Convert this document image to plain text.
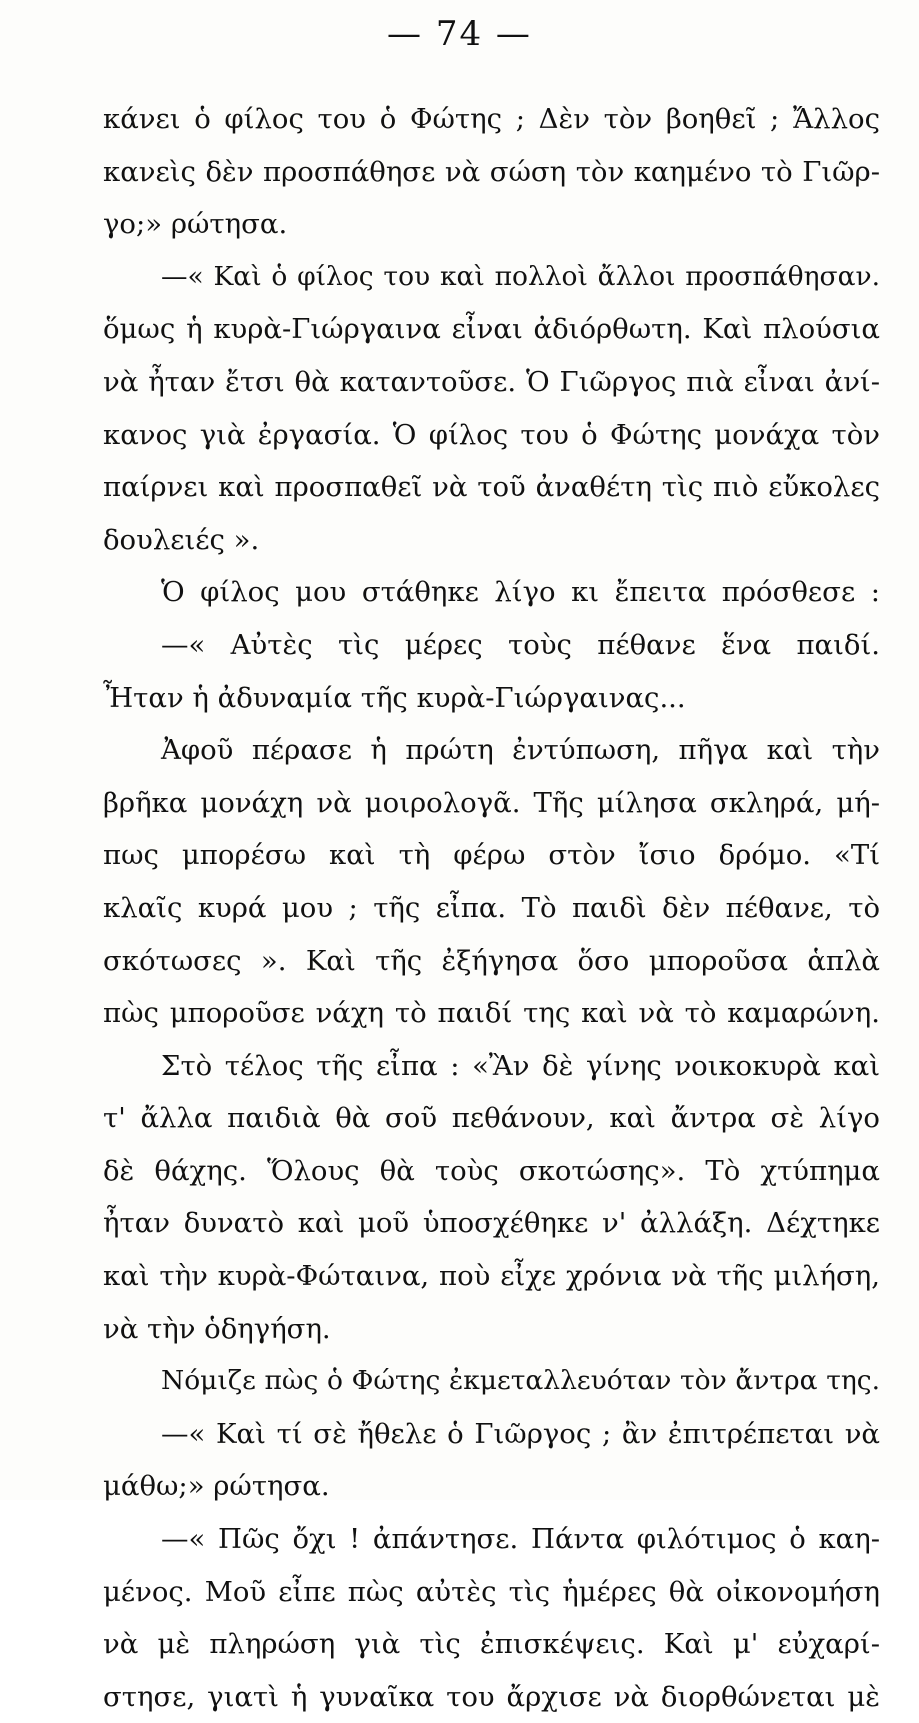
— 74 —
κάνει ὁ φίλος του ὁ Φώτης ; Δὲν τὸν βοηθεῖ ; Ἄλλος
κανεὶς δὲν προσπάθησε νὰ σώση τὸν καημένο τὸ Γιῶρ-
γο;» ρώτησα.
—« Καὶ ὁ φίλος του καὶ πολλοὶ ἄλλοι προσπάθησαν.
ὅμως ἡ κυρὰ-Γιώργαινα εἶναι ἀδιόρθωτη. Καὶ πλούσια
νὰ ἦταν ἔτσι θὰ καταντοῦσε. Ὁ Γιῶργος πιὰ εἶναι ἀνί-
κανος γιὰ ἐργασία. Ὁ φίλος του ὁ Φώτης μονάχα τὸν
παίρνει καὶ προσπαθεῖ νὰ τοῦ ἀναθέτη τὶς πιὸ εὔκολες
δουλειές ».
Ὁ φίλος μου στάθηκε λίγο κι ἔπειτα πρόσθεσε :
—« Αὐτὲς τὶς μέρες τοὺς πέθανε ἕνα παιδί.
Ἦταν ἡ ἀδυναμία τῆς κυρὰ-Γιώργαινας...
Ἀφοῦ πέρασε ἡ πρώτη ἐντύπωση, πῆγα καὶ τὴν
βρῆκα μονάχη νὰ μοιρολογᾶ. Τῆς μίλησα σκληρά, μή-
πως μπορέσω καὶ τὴ φέρω στὸν ἴσιο δρόμο. «Τί
κλαῖς κυρά μου ; τῆς εἶπα. Τὸ παιδὶ δὲν πέθανε, τὸ
σκότωσες ». Καὶ τῆς ἐξήγησα ὅσο μποροῦσα ἁπλὰ
πὼς μποροῦσε νάχη τὸ παιδί της καὶ νὰ τὸ καμαρώνη.
Στὸ τέλος τῆς εἶπα : «Ἂν δὲ γίνης νοικοκυρὰ καὶ
τ' ἄλλα παιδιὰ θὰ σοῦ πεθάνουν, καὶ ἄντρα σὲ λίγο
δὲ θάχης. Ὅλους θὰ τοὺς σκοτώσης». Τὸ χτύπημα
ἦταν δυνατὸ καὶ μοῦ ὑποσχέθηκε ν' ἀλλάξη. Δέχτηκε
καὶ τὴν κυρὰ-Φώταινα, ποὺ εἶχε χρόνια νὰ τῆς μιλήση,
νὰ τὴν ὁδηγήση.
Νόμιζε πὼς ὁ Φώτης ἐκμεταλλευόταν τὸν ἄντρα της.
—« Καὶ τί σὲ ἤθελε ὁ Γιῶργος ; ἂν ἐπιτρέπεται νὰ
μάθω;» ρώτησα.
—« Πῶς ὄχι ! ἀπάντησε. Πάντα φιλότιμος ὁ καη-
μένος. Μοῦ εἶπε πὼς αὐτὲς τὶς ἡμέρες θὰ οἰκονομήση
νὰ μὲ πληρώση γιὰ τὶς ἐπισκέψεις. Καὶ μ' εὐχαρί-
στησε, γιατὶ ἡ γυναῖκα του ἄρχισε νὰ διορθώνεται μὲ
